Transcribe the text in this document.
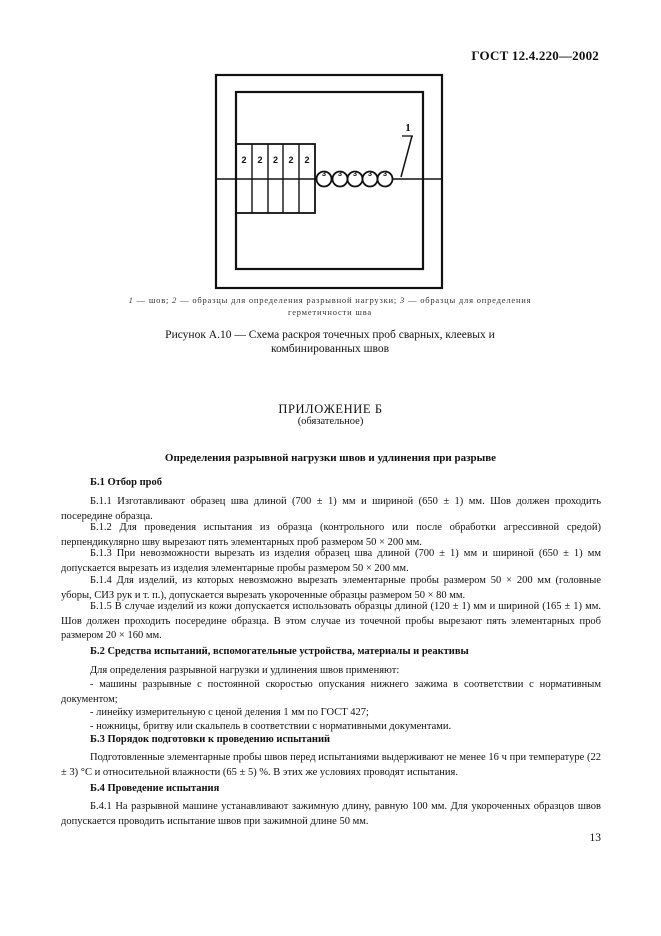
ГОСТ 12.4.220—2002
2 2 2 2 2
3 3 3 3 3
1
1 — шов; 2 — образцы для определения разрывной нагрузки; 3 — образцы для определения герметичности шва
Рисунок А.10 — Схема раскроя точечных проб сварных, клеевых и
комбинированных швов
ПРИЛОЖЕНИЕ Б
(обязательное)
Определения разрывной нагрузки швов и удлинения при разрыве
Б.1 Отбор проб
Б.1.1 Изготавливают образец шва длиной (700 ± 1) мм и шириной (650 ± 1) мм. Шов должен проходить посередине образца.
Б.1.2 Для проведения испытания из образца (контрольного или после обработки агрессивной средой) перпендикулярно шву вырезают пять элементарных проб размером 50 × 200 мм.
Б.1.3 При невозможности вырезать из изделия образец шва длиной (700 ± 1) мм и шириной (650 ± 1) мм допускается вырезать из изделия элементарные пробы размером 50 × 200 мм.
Б.1.4 Для изделий, из которых невозможно вырезать элементарные пробы размером 50 × 200 мм (головные уборы, СИЗ рук и т. п.), допускается вырезать укороченные образцы размером 50 × 80 мм.
Б.1.5 В случае изделий из кожи допускается использовать образцы длиной (120 ± 1) мм и шириной (165 ± 1) мм. Шов должен проходить посередине образца. В этом случае из точечной пробы вырезают пять элементарных проб размером 20 × 160 мм.
Б.2 Средства испытаний, вспомогательные устройства, материалы и реактивы
Для определения разрывной нагрузки и удлинения швов применяют:
- машины разрывные с постоянной скоростью опускания нижнего зажима в соответствии с нормативным документом;
- линейку измерительную с ценой деления 1 мм по ГОСТ 427;
- ножницы, бритву или скальпель в соответствии с нормативными документами.
Б.3 Порядок подготовки к проведению испытаний
Подготовленные элементарные пробы швов перед испытаниями выдерживают не менее 16 ч при температуре (22 ± 3) °С и относительной влажности (65 ± 5) %. В этих же условиях проводят испытания.
Б.4 Проведение испытания
Б.4.1 На разрывной машине устанавливают зажимную длину, равную 100 мм. Для укороченных образцов швов допускается проводить испытание швов при зажимной длине 50 мм.
13
